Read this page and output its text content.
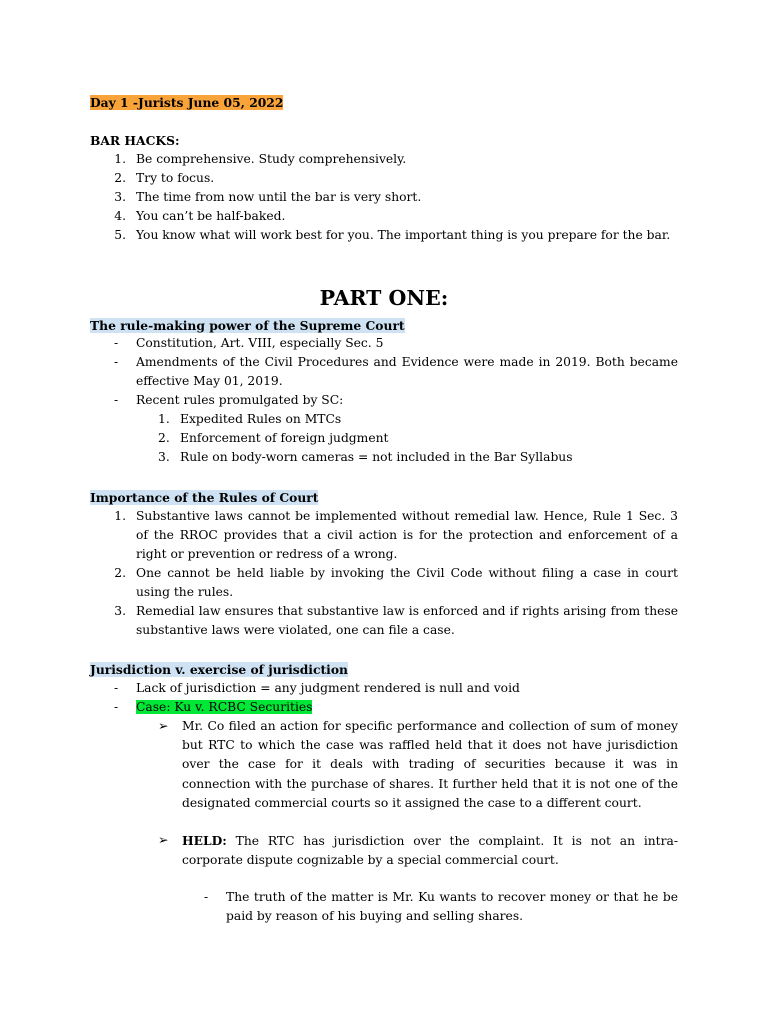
Day 1 -Jurists June 05, 2022
BAR HACKS:
1. Be comprehensive. Study comprehensively.
2. Try to focus.
3. The time from now until the bar is very short.
4. You can’t be half-baked.
5. You know what will work best for you. The important thing is you prepare for the bar.
PART ONE:
The rule-making power of the Supreme Court
- Constitution, Art. VIII, especially Sec. 5
- Amendments of the Civil Procedures and Evidence were made in 2019. Both became effective May 01, 2019.
- Recent rules promulgated by SC:
1. Expedited Rules on MTCs
2. Enforcement of foreign judgment
3. Rule on body-worn cameras = not included in the Bar Syllabus
Importance of the Rules of Court
1. Substantive laws cannot be implemented without remedial law. Hence, Rule 1 Sec. 3 of the RROC provides that a civil action is for the protection and enforcement of a right or prevention or redress of a wrong.
2. One cannot be held liable by invoking the Civil Code without filing a case in court using the rules.
3. Remedial law ensures that substantive law is enforced and if rights arising from these substantive laws were violated, one can file a case.
Jurisdiction v. exercise of jurisdiction
- Lack of jurisdiction = any judgment rendered is null and void
- Case: Ku v. RCBC Securities
➢ Mr. Co filed an action for specific performance and collection of sum of money but RTC to which the case was raffled held that it does not have jurisdiction over the case for it deals with trading of securities because it was in connection with the purchase of shares. It further held that it is not one of the designated commercial courts so it assigned the case to a different court.
➢ HELD: The RTC has jurisdiction over the complaint. It is not an intra-corporate dispute cognizable by a special commercial court.
- The truth of the matter is Mr. Ku wants to recover money or that he be paid by reason of his buying and selling shares.
